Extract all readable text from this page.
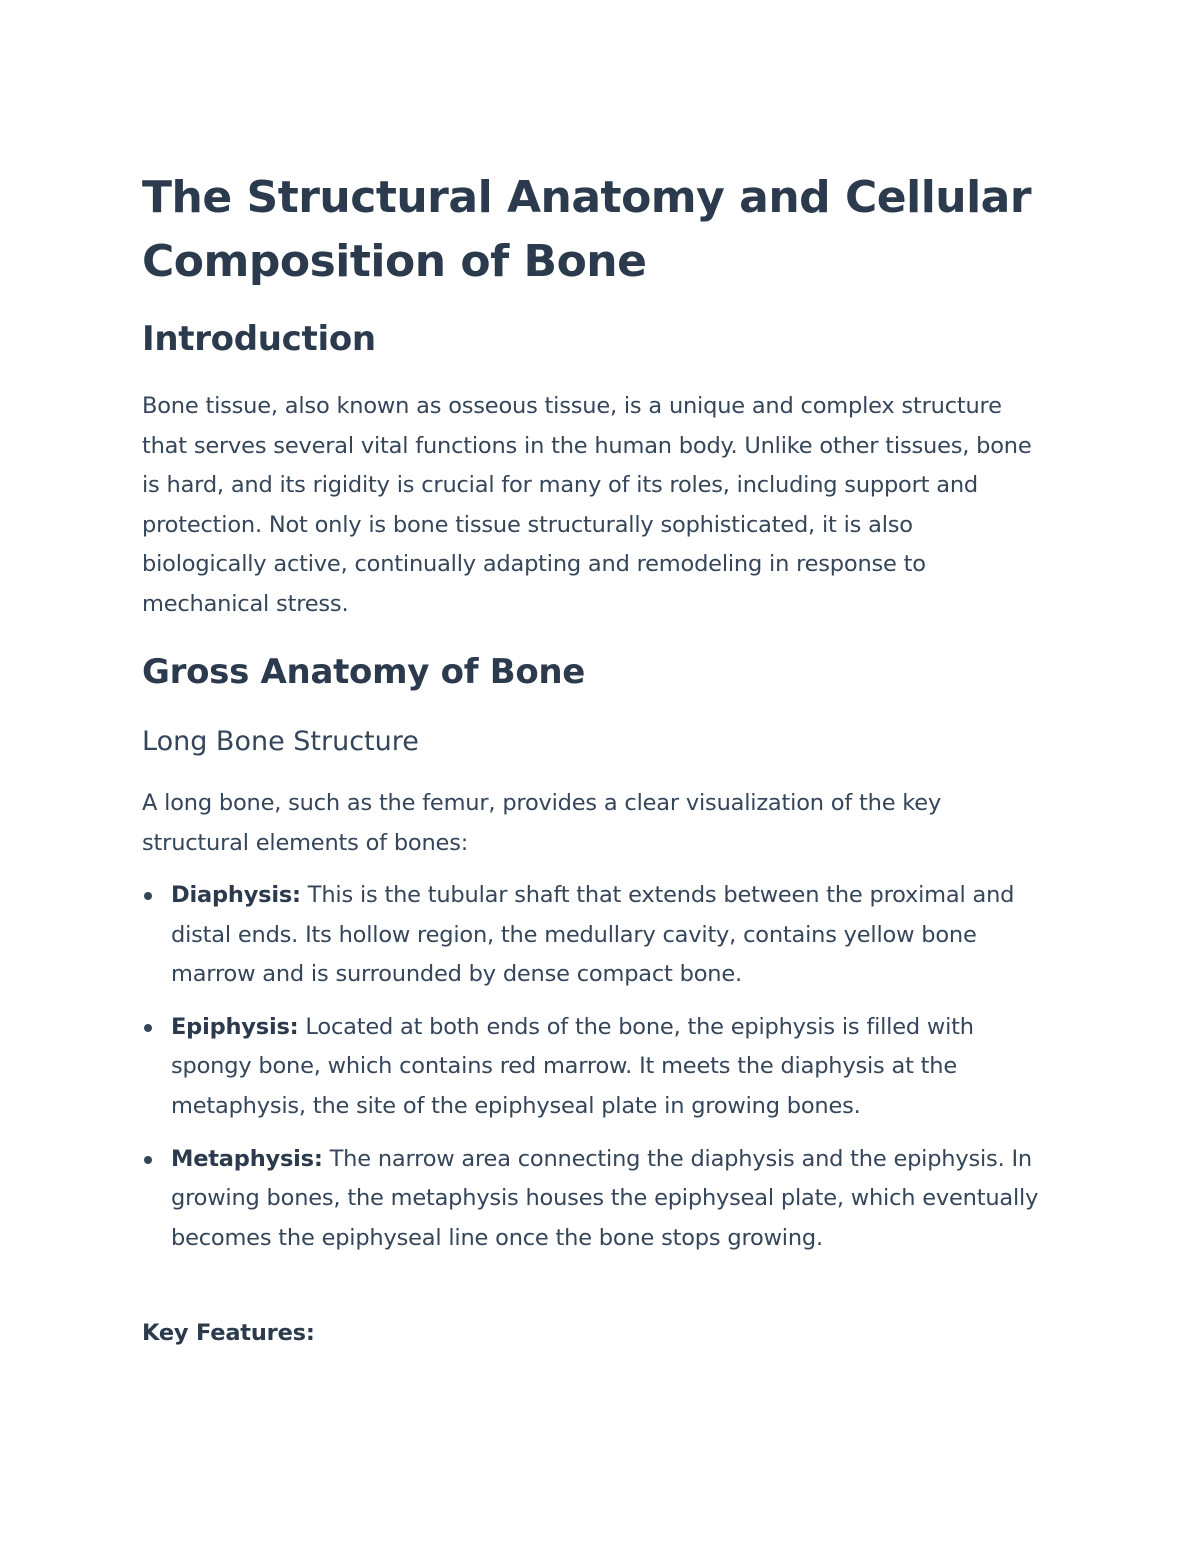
The Structural Anatomy and Cellular Composition of Bone
Introduction

Bone tissue, also known as osseous tissue, is a unique and complex structure that serves several vital functions in the human body. Unlike other tissues, bone is hard, and its rigidity is crucial for many of its roles, including support and protection. Not only is bone tissue structurally sophisticated, it is also biologically active, continually adapting and remodeling in response to mechanical stress.

Gross Anatomy of Bone
Long Bone Structure

A long bone, such as the femur, provides a clear visualization of the key structural elements of bones:

Diaphysis: This is the tubular shaft that extends between the proximal and distal ends. Its hollow region, the medullary cavity, contains yellow bone marrow and is surrounded by dense compact bone.
Epiphysis: Located at both ends of the bone, the epiphysis is filled with spongy bone, which contains red marrow. It meets the diaphysis at the metaphysis, the site of the epiphyseal plate in growing bones.
Metaphysis: The narrow area connecting the diaphysis and the epiphysis. In growing bones, the metaphysis houses the epiphyseal plate, which eventually becomes the epiphyseal line once the bone stops growing.

Key Features:
